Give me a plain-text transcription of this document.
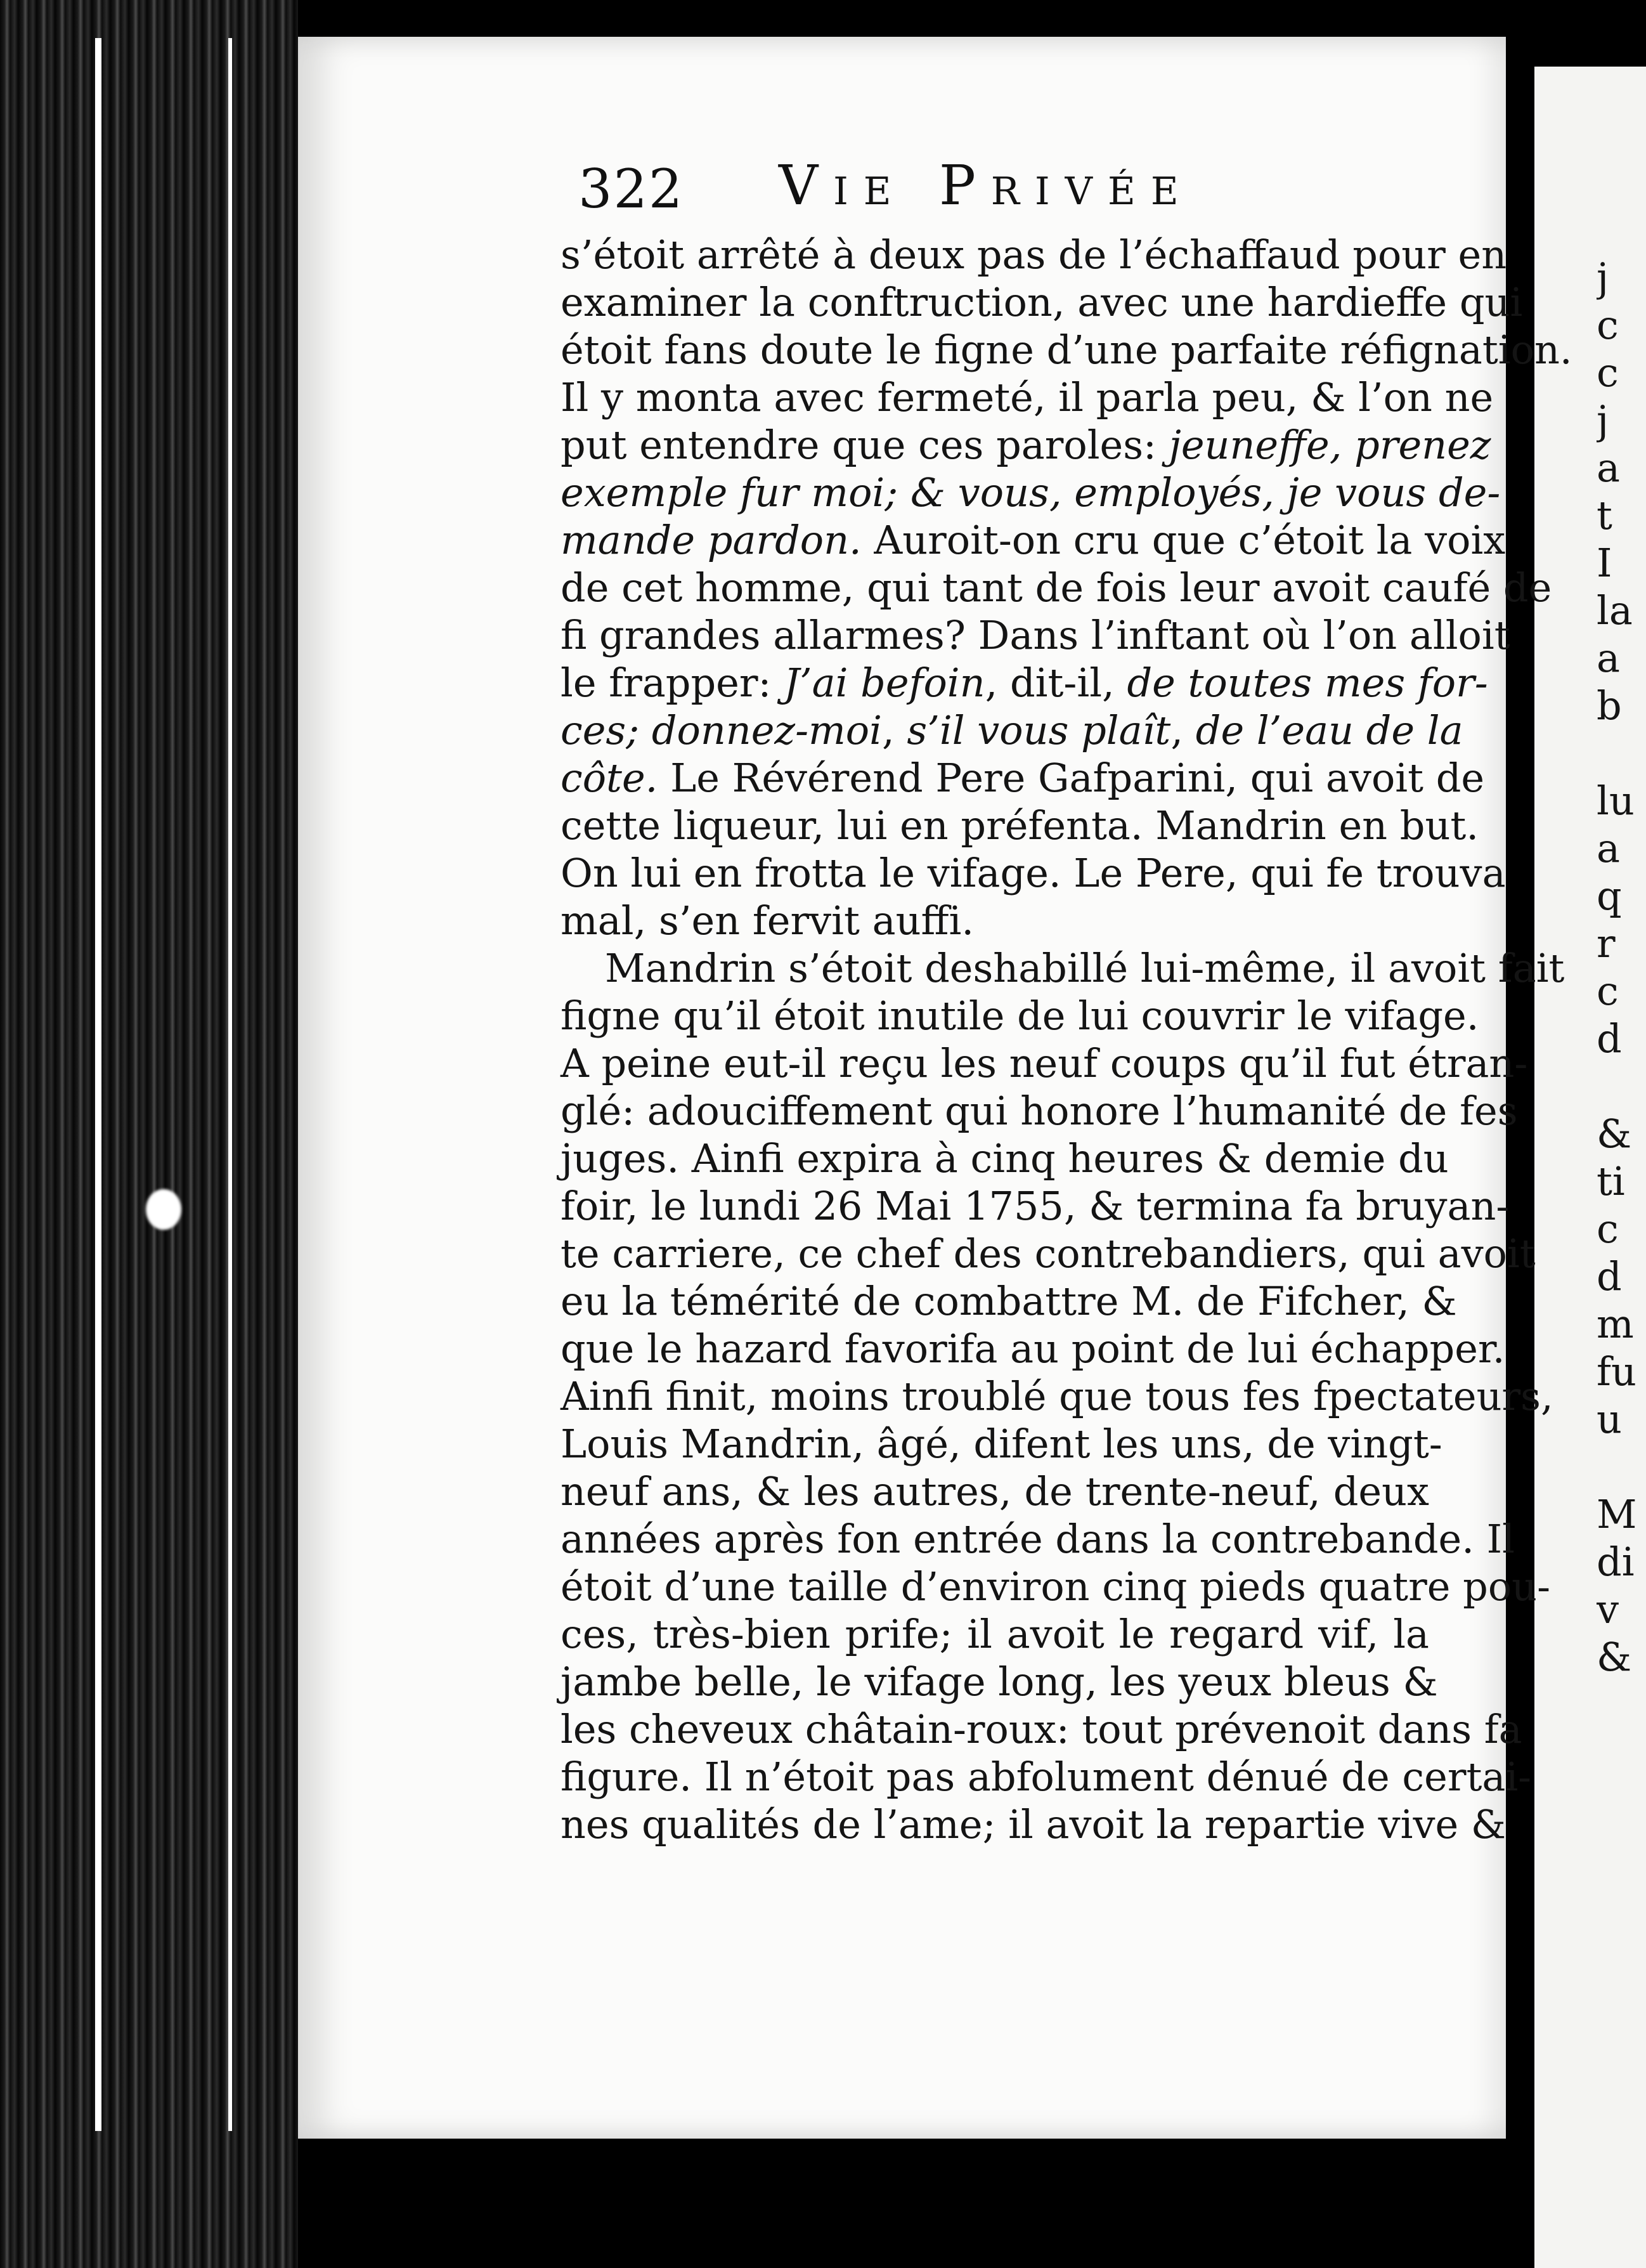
322 Vie Privée
s’étoit arrêté à deux pas de l’échaffaud pour en
examiner la conftruction, avec une hardieffe qui
étoit fans doute le figne d’une parfaite réfignation.
Il y monta avec fermeté, il parla peu, & l’on ne
put entendre que ces paroles: jeuneffe, prenez
exemple fur moi; & vous, employés, je vous de-
mande pardon. Auroit-on cru que c’étoit la voix
de cet homme, qui tant de fois leur avoit caufé de
fi grandes allarmes? Dans l’inftant où l’on alloit
le frapper: J’ai befoin, dit-il, de toutes mes for-
ces; donnez-moi, s’il vous plaît, de l’eau de la
côte. Le Révérend Pere Gafparini, qui avoit de
cette liqueur, lui en préfenta. Mandrin en but.
On lui en frotta le vifage. Le Pere, qui fe trouva
mal, s’en fervit auffi.
Mandrin s’étoit deshabillé lui-même, il avoit fait
figne qu’il étoit inutile de lui couvrir le vifage.
A peine eut-il reçu les neuf coups qu’il fut étran-
glé: adouciffement qui honore l’humanité de fes
juges. Ainfi expira à cinq heures & demie du
foir, le lundi 26 Mai 1755, & termina fa bruyan-
te carriere, ce chef des contrebandiers, qui avoit
eu la témérité de combattre M. de Fifcher, &
que le hazard favorifa au point de lui échapper.
Ainfi finit, moins troublé que tous fes fpectateurs,
Louis Mandrin, âgé, difent les uns, de vingt-
neuf ans, & les autres, de trente-neuf, deux
années après fon entrée dans la contrebande. Il
étoit d’une taille d’environ cinq pieds quatre pou-
ces, très-bien prife; il avoit le regard vif, la
jambe belle, le vifage long, les yeux bleus &
les cheveux châtain-roux: tout prévenoit dans fa
figure. Il n’étoit pas abfolument dénué de certai-
nes qualités de l’ame; il avoit la repartie vive &
j
c
c
j
a
t
I
la
a
b
lu
a
q
r
c
d
&
ti
c
d
m
fu
u
M
di
v
&
